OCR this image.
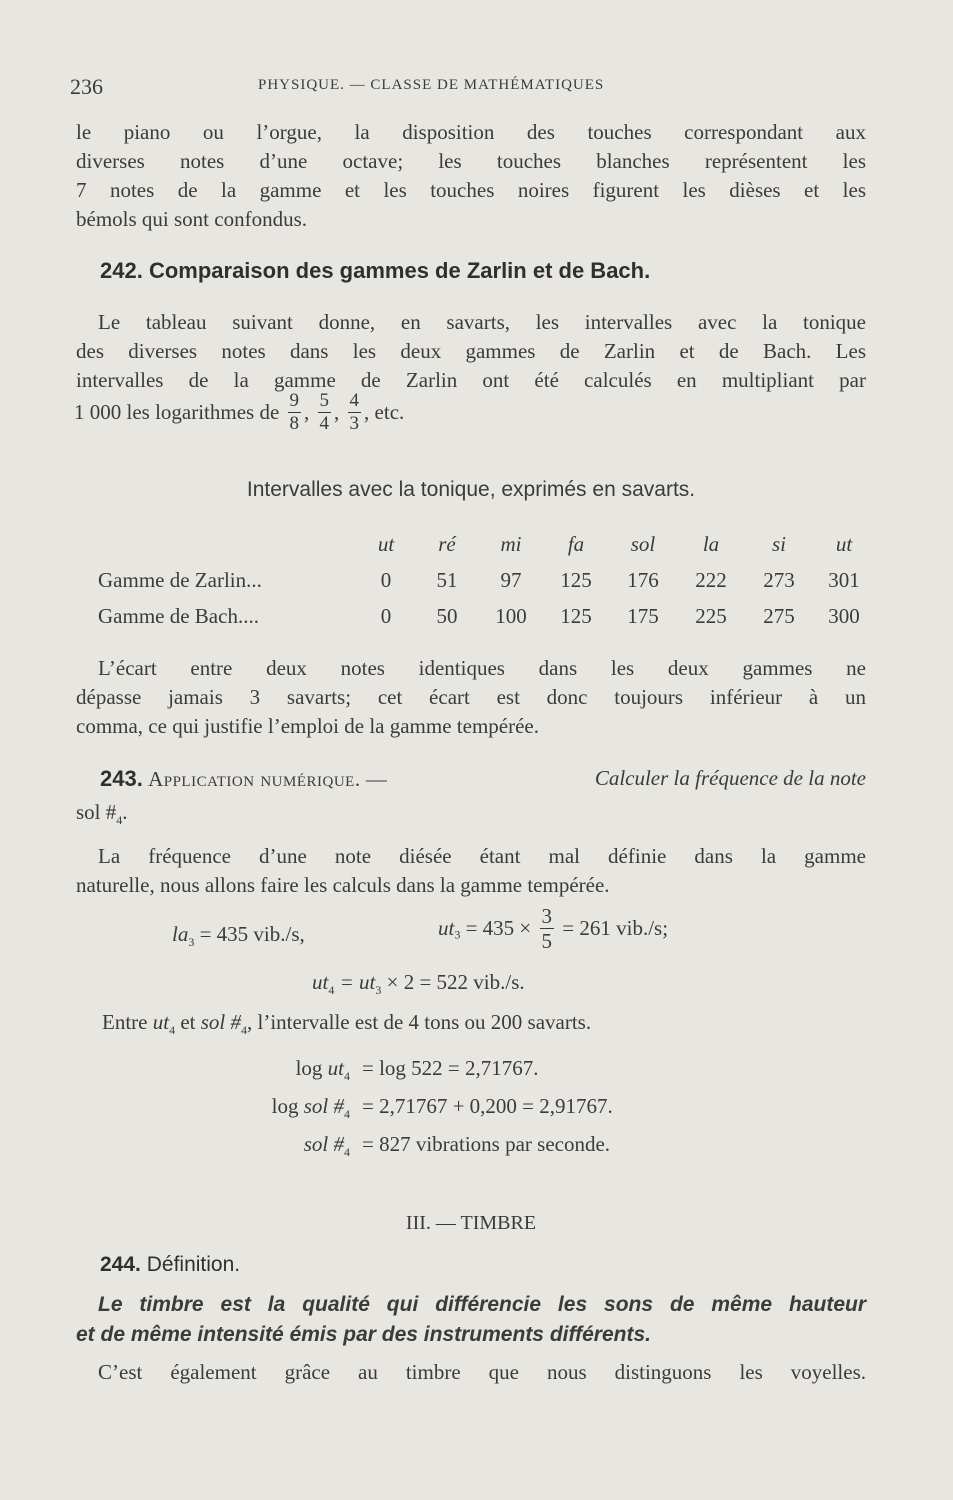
236	PHYSIQUE. — CLASSE DE MATHÉMATIQUES
le piano ou l’orgue, la disposition des touches correspondant aux
diverses notes d’une octave; les touches blanches représentent les
7 notes de la gamme et les touches noires figurent les dièses et les
bémols qui sont confondus.
242. Comparaison des gammes de Zarlin et de Bach.
Le tableau suivant donne, en savarts, les intervalles avec la tonique
des diverses notes dans les deux gammes de Zarlin et de Bach. Les
intervalles de la gamme de Zarlin ont été calculés en multipliant par
1 000 les logarithmes de $\frac{9}{8}$ , $\frac{5}{4}$ , $\frac{4}{3}$ , etc.
Intervalles avec la tonique, exprimés en savarts.
	ut	ré	mi	fa	sol	la	si	ut
Gamme de Zarlin...	0	51	97	125	176	222	273	301
Gamme de Bach....	0	50	100	125	175	225	275	300
L’écart entre deux notes identiques dans les deux gammes ne
dépasse jamais 3 savarts; cet écart est donc toujours inférieur à un
comma, ce qui justifie l’emploi de la gamme tempérée.
243. Application numérique. —	Calculer la fréquence de la note
sol $\#_4$.
La fréquence d’une note diésée étant mal définie dans la gamme
naturelle, nous allons faire les calculs dans la gamme tempérée.
$la_3 = 435$ vib./s,	$ut_3 = 435 \times \frac{3}{5} = 261$ vib./s;
$ut_4 = ut_3 \times 2 = 522$ vib./s.
Entre $ut_4$ et sol $\#_4$, l’intervalle est de 4 tons ou 200 savarts.
$\log ut_4 = \log 522 = 2,71767$.
log sol $\#_4 = 2,71767 + 0,200 = 2,91767$.
sol $\#_4 = 827$ vibrations par seconde.
III. — TIMBRE
244. Définition.
Le timbre est la qualité qui différencie les sons de même hauteur
et de même intensité émis par des instruments différents.
C’est également grâce au timbre que nous distinguons les voyelles.
